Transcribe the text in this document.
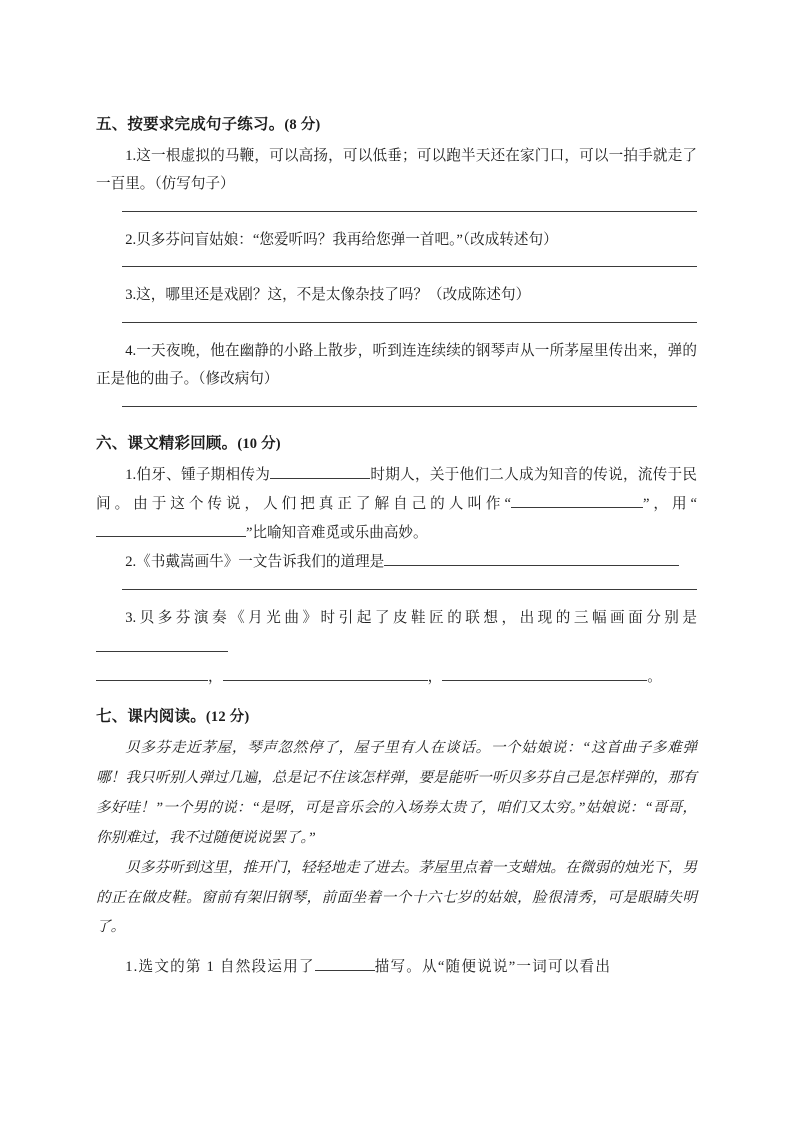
五、按要求完成句子练习。(8 分)

1.这一根虚拟的马鞭，可以高扬，可以低垂；可以跑半天还在家门口，可以一拍手就走了一百里。（仿写句子）

2.贝多芬问盲姑娘：“您爱听吗？我再给您弹一首吧。”（改成转述句）

3.这，哪里还是戏剧？这，不是太像杂技了吗？（改成陈述句）

4.一天夜晚，他在幽静的小路上散步，听到连连续续的钢琴声从一所茅屋里传出来，弹的正是他的曲子。（修改病句）

六、课文精彩回顾。(10 分)

1.伯牙、锺子期相传为	时期人，关于他们二人成为知音的传说，流传于民间。由于这个传说，人们把真正了解自己的人叫作“	”，用“”比喻知音难觅或乐曲高妙。

2.《书戴嵩画牛》一文告诉我们的道理是

3.贝多芬演奏《月光曲》时引起了皮鞋匠的联想，出现的三幅画面分别是

，	，	。

七、课内阅读。(12 分)

贝多芬走近茅屋，琴声忽然停了，屋子里有人在谈话。一个姑娘说：“这首曲子多难弹哪！我只听别人弹过几遍，总是记不住该怎样弹，要是能听一听贝多芬自己是怎样弹的，那有多好哇！”一个男的说：“是呀，可是音乐会的入场券太贵了，咱们又太穷。”姑娘说：“哥哥，你别难过，我不过随便说说罢了。”

贝多芬听到这里，推开门，轻轻地走了进去。茅屋里点着一支蜡烛。在微弱的烛光下，男的正在做皮鞋。窗前有架旧钢琴，前面坐着一个十六七岁的姑娘，脸很清秀，可是眼睛失明了。

1.选文的第 1 自然段运用了	描写。从“随便说说”一词可以看出
